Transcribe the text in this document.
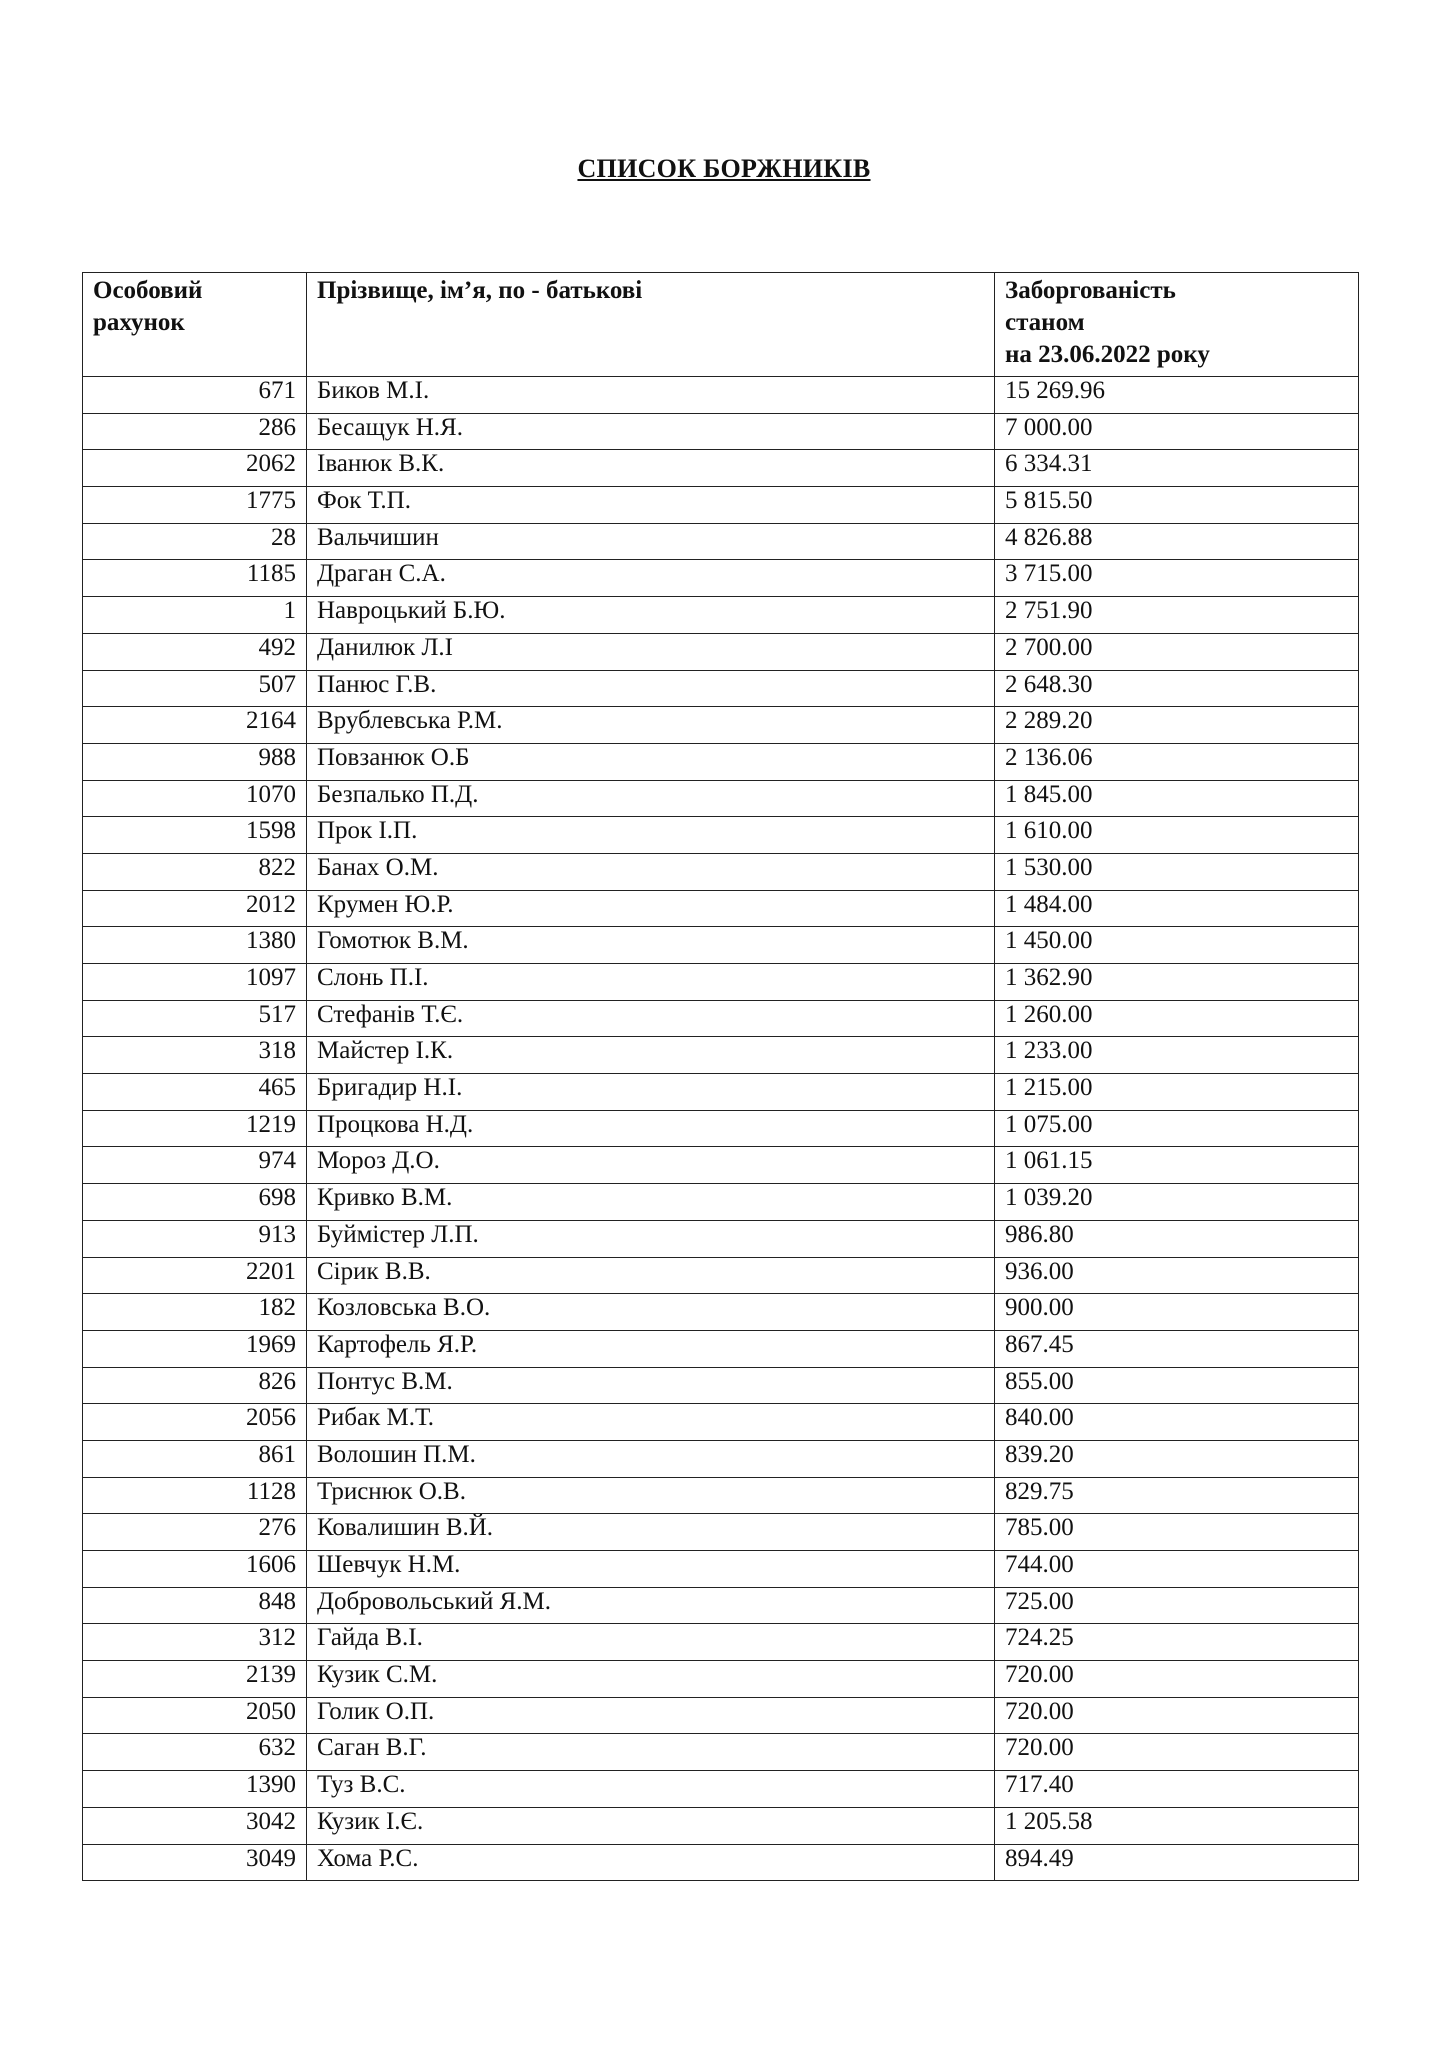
СПИСОК БОРЖНИКІВ
Особовий
рахунок	Прізвище, ім’я, по - батькові	Заборгованість
станом
на 23.06.2022 року

671	Биков М.І.	15 269.96
286	Бесащук Н.Я.	7 000.00
2062	Іванюк В.К.	6 334.31
1775	Фок Т.П.	5 815.50
28	Вальчишин	4 826.88
1185	Драган С.А.	3 715.00
1	Навроцький Б.Ю.	2 751.90
492	Данилюк Л.І	2 700.00
507	Панюс Г.В.	2 648.30
2164	Врублевська Р.М.	2 289.20
988	Повзанюк О.Б	2 136.06
1070	Безпалько П.Д.	1 845.00
1598	Прок І.П.	1 610.00
822	Банах О.М.	1 530.00
2012	Крумен Ю.Р.	1 484.00
1380	Гомотюк В.М.	1 450.00
1097	Слонь П.І.	1 362.90
517	Стефанів Т.Є.	1 260.00
318	Майстер І.К.	1 233.00
465	Бригадир Н.І.	1 215.00
1219	Процкова Н.Д.	1 075.00
974	Мороз Д.О.	1 061.15
698	Кривко В.М.	1 039.20
913	Буймістер Л.П.	986.80
2201	Сірик В.В.	936.00
182	Козловська В.О.	900.00
1969	Картофель Я.Р.	867.45
826	Понтус В.М.	855.00
2056	Рибак М.Т.	840.00
861	Волошин П.М.	839.20
1128	Триснюк О.В.	829.75
276	Ковалишин В.Й.	785.00
1606	Шевчук Н.М.	744.00
848	Добровольський Я.М.	725.00
312	Гайда В.І.	724.25
2139	Кузик С.М.	720.00
2050	Голик О.П.	720.00
632	Саган В.Г.	720.00
1390	Туз В.С.	717.40
3042	Кузик І.Є.	1 205.58
3049	Хома Р.С.	894.49
